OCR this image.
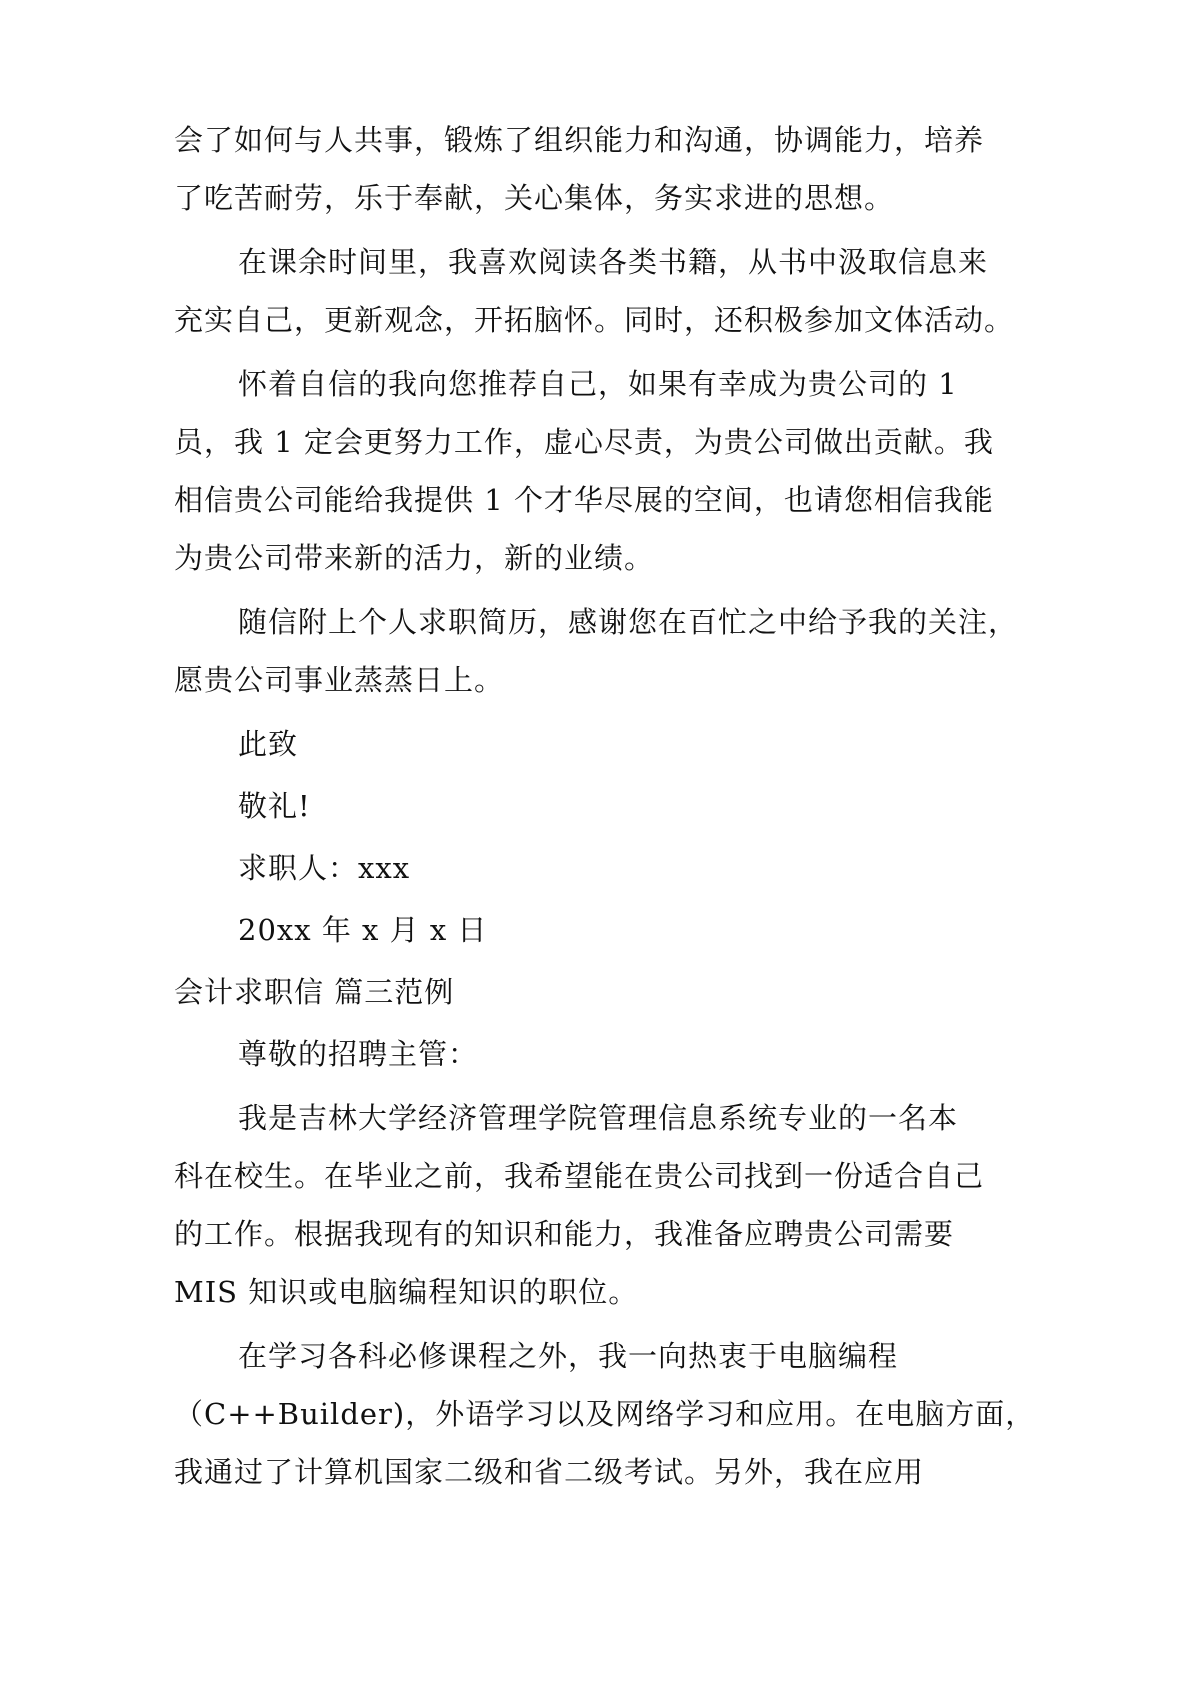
会了如何与人共事，锻炼了组织能力和沟通，协调能力，培养
了吃苦耐劳，乐于奉献，关心集体，务实求进的思想。
在课余时间里，我喜欢阅读各类书籍，从书中汲取信息来
充实自己，更新观念，开拓脑怀。同时，还积极参加文体活动。
怀着自信的我向您推荐自己，如果有幸成为贵公司的 1
员，我 1 定会更努力工作，虚心尽责，为贵公司做出贡献。我
相信贵公司能给我提供 1 个才华尽展的空间，也请您相信我能
为贵公司带来新的活力，新的业绩。
随信附上个人求职简历，感谢您在百忙之中给予我的关注，
愿贵公司事业蒸蒸日上。
此致
敬礼!
求职人：xxx
20xx 年 x 月 x 日
会计求职信 篇三范例
尊敬的招聘主管：
我是吉林大学经济管理学院管理信息系统专业的一名本
科在校生。在毕业之前，我希望能在贵公司找到一份适合自己
的工作。根据我现有的知识和能力，我准备应聘贵公司需要
MIS 知识或电脑编程知识的职位。
在学习各科必修课程之外，我一向热衷于电脑编程
（C++Builder)，外语学习以及网络学习和应用。在电脑方面，
我通过了计算机国家二级和省二级考试。另外，我在应用
